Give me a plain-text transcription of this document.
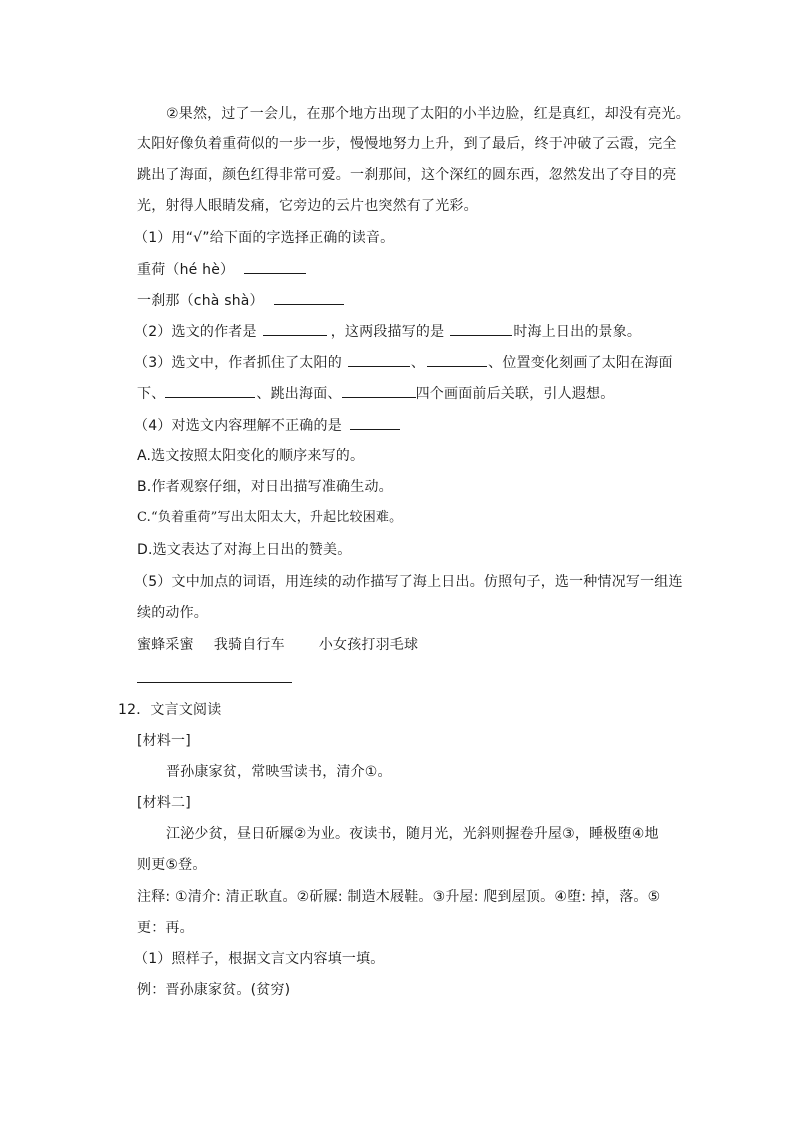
②果然，过了一会儿，在那个地方出现了太阳的小半边脸，红是真红，却没有亮光。
太阳好像负着重荷似的一步一步，慢慢地努力上升，到了最后，终于冲破了云霞，完全
跳出了海面，颜色红得非常可爱。一刹那间，这个深红的圆东西，忽然发出了夺目的亮
光，射得人眼睛发痛，它旁边的云片也突然有了光彩。
（1）用“√”给下面的字选择正确的读音。
重荷（hé hè）
一刹那（chà shà）
（2）选文的作者是	，这两段描写的是	时海上日出的景象。
（3）选文中，作者抓住了太阳的	、	、位置变化刻画了太阳在海面
下、	、跳出海面、	四个画面前后关联，引人遐想。
（4）对选文内容理解不正确的是
A.选文按照太阳变化的顺序来写的。
B.作者观察仔细，对日出描写准确生动。
C.“负着重荷”写出太阳太大，升起比较困难。
D.选文表达了对海上日出的赞美。
（5）文中加点的词语，用连续的动作描写了海上日出。仿照句子，选一种情况写一组连
续的动作。
蜜蜂采蜜 我骑自行车 小女孩打羽毛球
12．文言文阅读
[材料一]
晋孙康家贫，常映雪读书，清介①。
[材料二]
江泌少贫，昼日斫屧②为业。夜读书，随月光，光斜则握卷升屋③，睡极堕④地
则更⑤登。
注释: ①清介: 清正耿直。②斫屧: 制造木屐鞋。③升屋: 爬到屋顶。④堕: 掉，落。⑤
更：再。
（1）照样子，根据文言文内容填一填。
例：晋孙康家贫。(贫穷)
